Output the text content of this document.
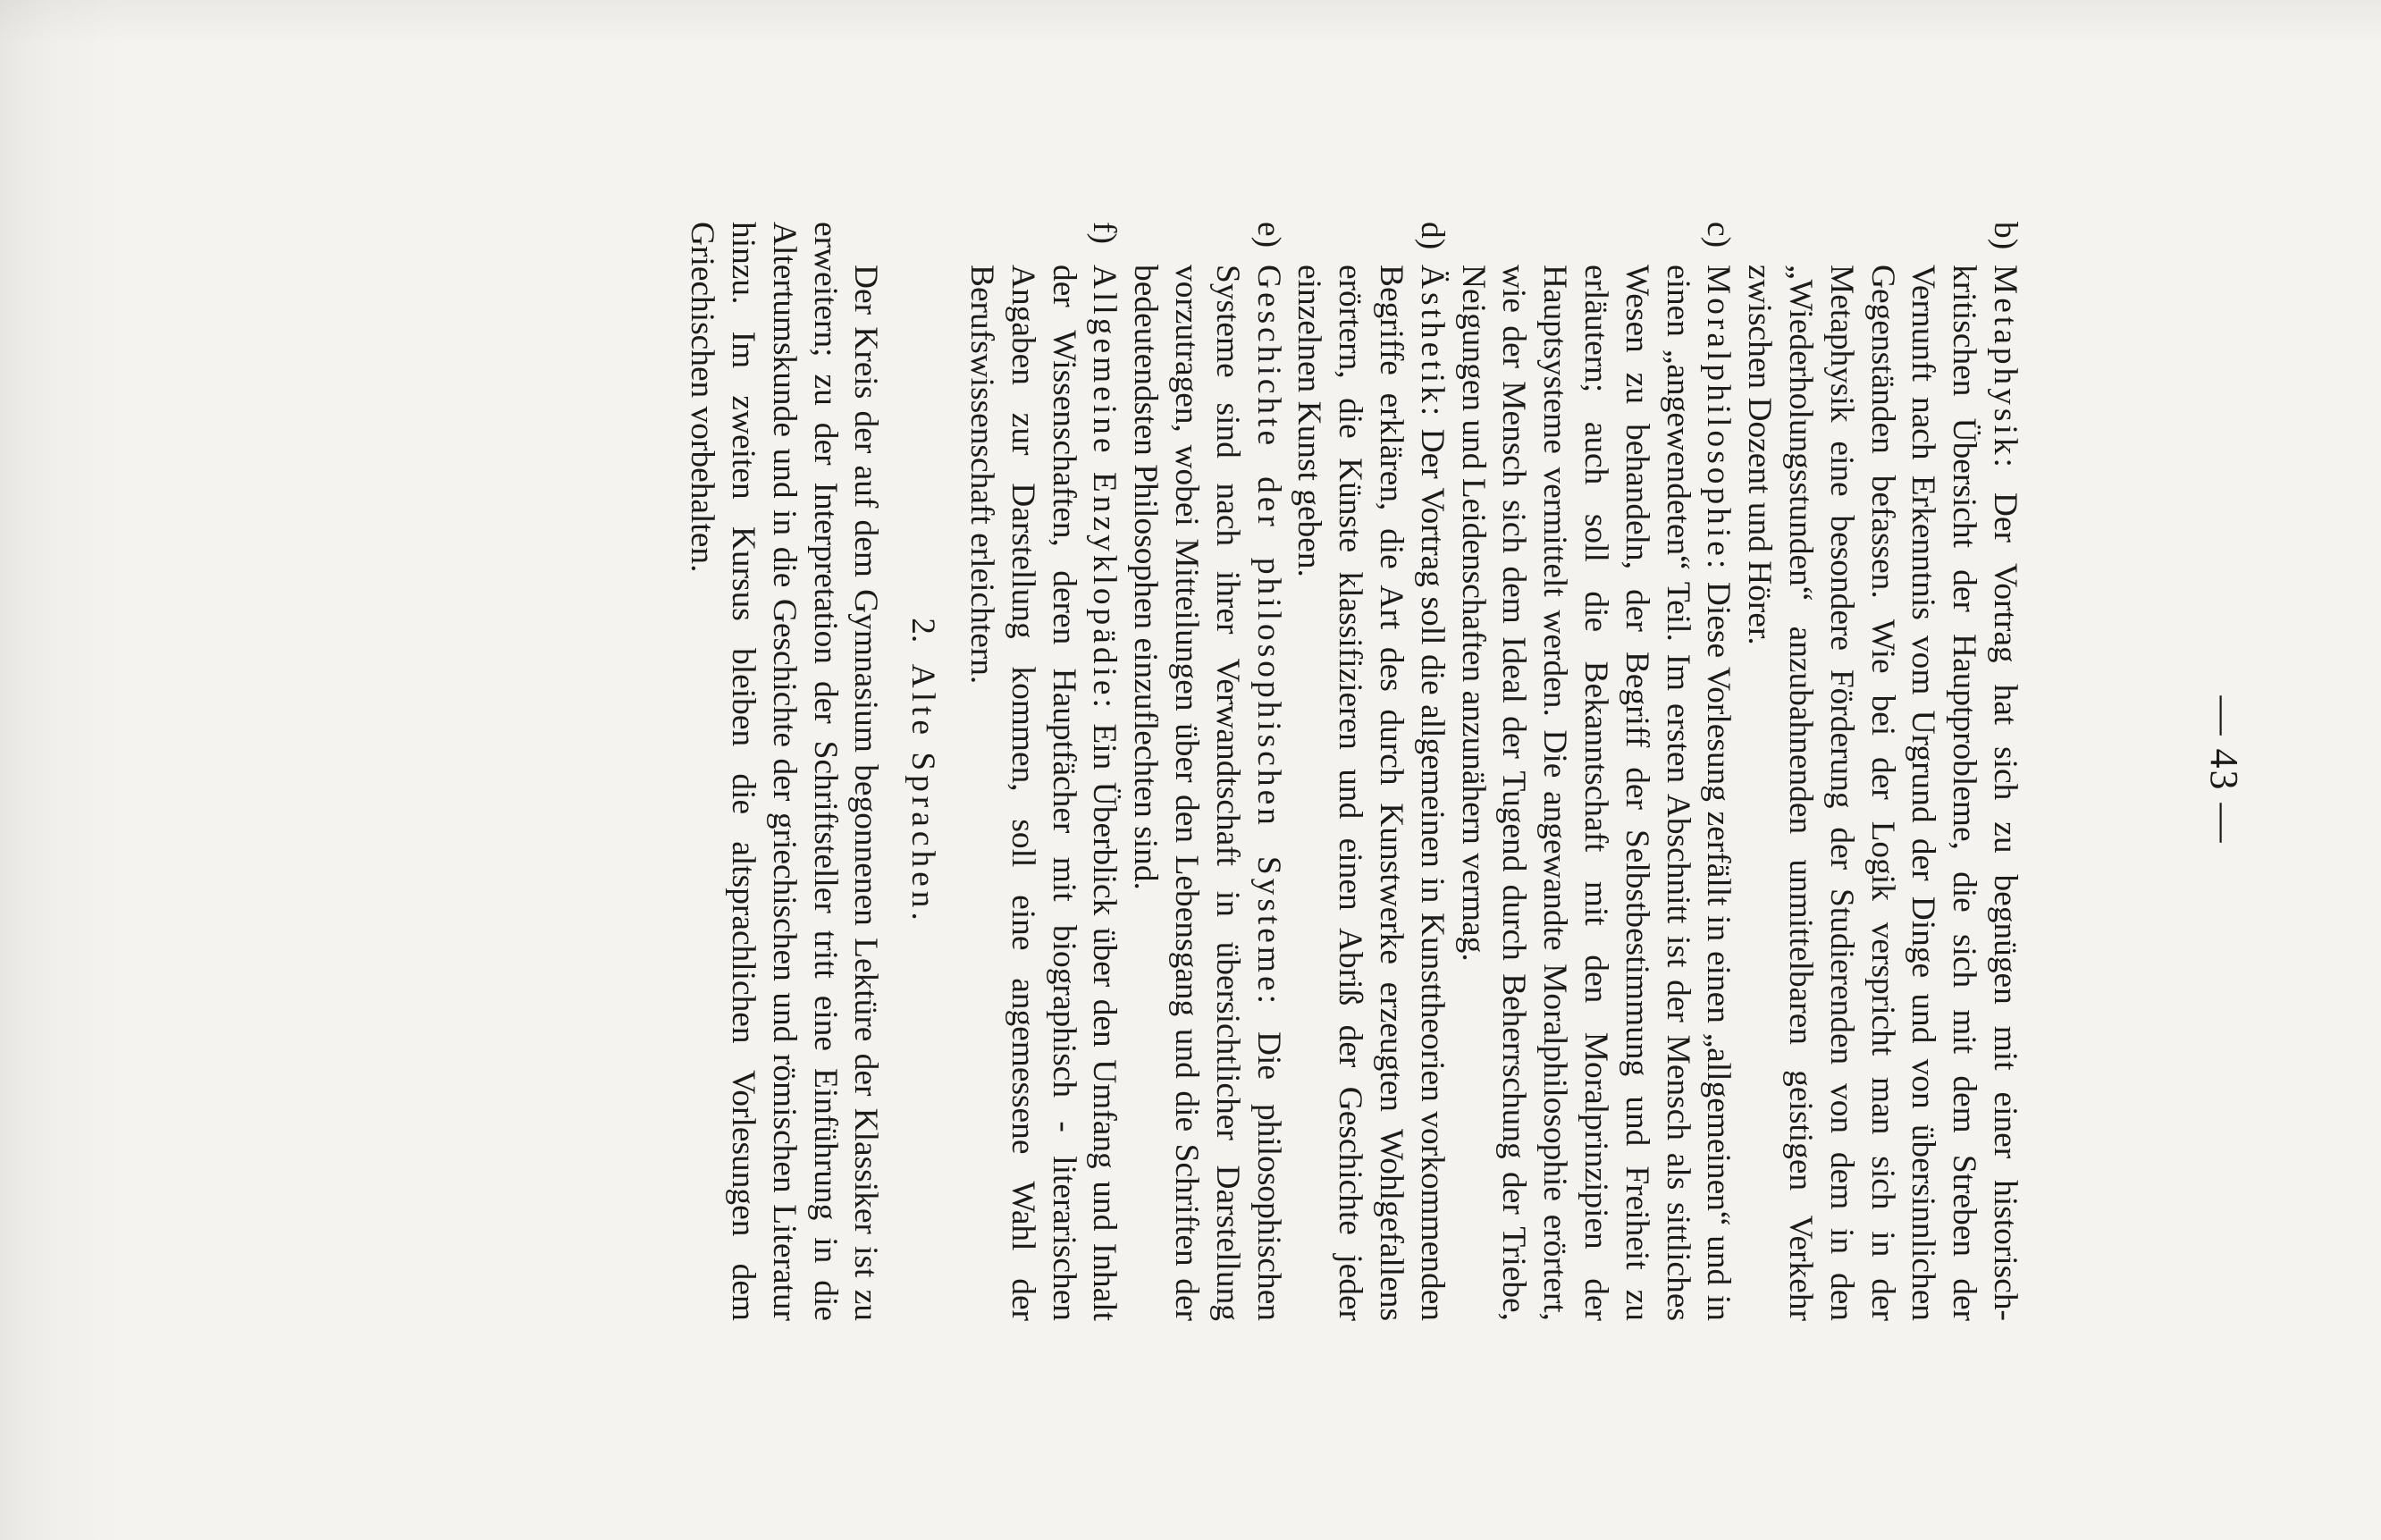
— 43 —
b)
Metaphysik: Der Vortrag hat sich zu begnügen mit einer historisch-kritischen Übersicht der Hauptprobleme, die sich mit dem Streben der Vernunft nach Erkenntnis vom Urgrund der Dinge und von übersinnlichen Gegenständen befassen. Wie bei der Logik verspricht man sich in der Metaphysik eine besondere Förderung der Studierenden von dem in den „Wiederholungsstunden“ anzubahnenden unmittelbaren geistigen Verkehr zwischen Dozent und Hörer.
c)
Moralphilosophie: Diese Vorlesung zerfällt in einen „allgemeinen“ und in einen „angewendeten“ Teil. Im ersten Abschnitt ist der Mensch als sittliches Wesen zu behandeln, der Begriff der Selbstbestimmung und Freiheit zu erläutern; auch soll die Bekanntschaft mit den Moralprinzipien der Hauptsysteme vermittelt werden. Die angewandte Moralphilosophie erörtert, wie der Mensch sich dem Ideal der Tugend durch Beherrschung der Triebe, Neigungen und Leidenschaften anzunähern vermag.
d)
Ästhetik: Der Vortrag soll die allgemeinen in Kunsttheorien vorkommenden Begriffe erklären, die Art des durch Kunstwerke erzeugten Wohlgefallens erörtern, die Künste klassifizieren und einen Abriß der Geschichte jeder einzelnen Kunst geben.
e)
Geschichte der philosophischen Systeme: Die philosophischen Systeme sind nach ihrer Verwandtschaft in übersichtlicher Darstellung vorzutragen, wobei Mitteilungen über den Lebensgang und die Schriften der bedeutendsten Philosophen einzuflechten sind.
f)
Allgemeine Enzyklopädie: Ein Überblick über den Umfang und Inhalt der Wissenschaften, deren Hauptfächer mit biographisch - literarischen Angaben zur Darstellung kommen, soll eine angemessene Wahl der Berufswissenschaft erleichtern.
2. Alte Sprachen.
Der Kreis der auf dem Gymnasium begonnenen Lektüre der Klassiker ist zu erweitern; zu der Interpretation der Schriftsteller tritt eine Einführung in die Altertumskunde und in die Geschichte der griechischen und römischen Literatur hinzu. Im zweiten Kursus bleiben die altsprachlichen Vorlesungen dem Griechischen vorbehalten.
